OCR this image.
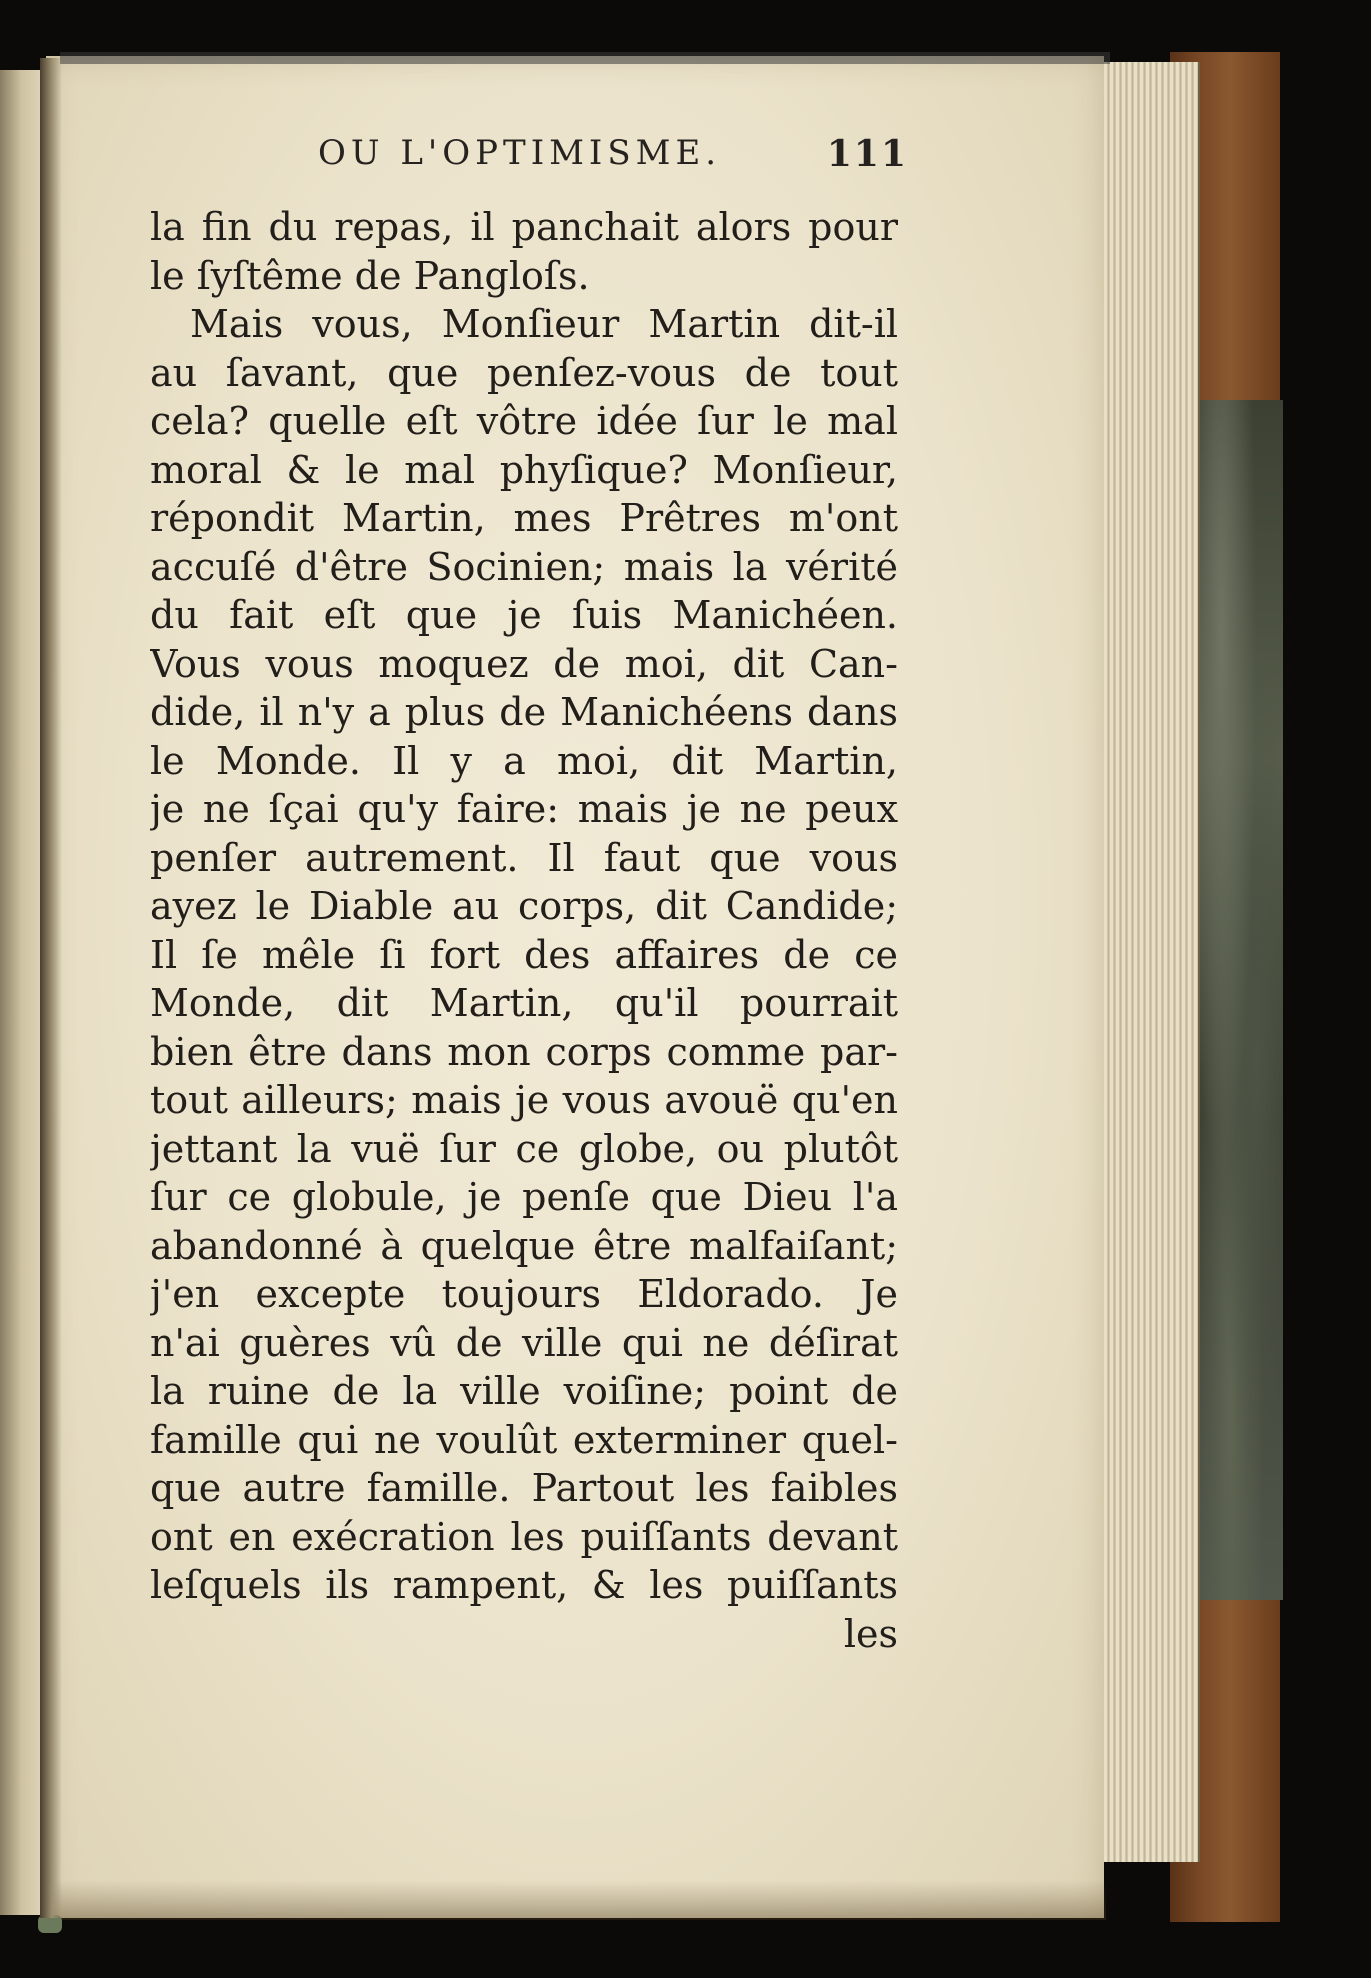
OU L'OPTIMISME.	111
la fin du repas, il panchait alors pour
le ſyſtême de Pangloſs.
Mais vous, Monſieur Martin dit-il
au ſavant, que penſez-vous de tout
cela? quelle eſt vôtre idée ſur le mal
moral & le mal phyſique? Monſieur,
répondit Martin, mes Prêtres m'ont
accuſé d'être Socinien; mais la vérité
du fait eſt que je ſuis Manichéen.
Vous vous moquez de moi, dit Can-
dide, il n'y a plus de Manichéens dans
le Monde. Il y a moi, dit Martin,
je ne ſçai qu'y faire: mais je ne peux
penſer autrement. Il faut que vous
ayez le Diable au corps, dit Candide;
Il ſe mêle ſi fort des affaires de ce
Monde, dit Martin, qu'il pourrait
bien être dans mon corps comme par-
tout ailleurs; mais je vous avouë qu'en
jettant la vuë ſur ce globe, ou plutôt
ſur ce globule, je penſe que Dieu l'a
abandonné à quelque être malfaiſant;
j'en excepte toujours Eldorado. Je
n'ai guères vû de ville qui ne déſirat
la ruine de la ville voiſine; point de
famille qui ne voulût exterminer quel-
que autre famille. Partout les faibles
ont en exécration les puiſſants devant
leſquels ils rampent, & les puiſſants
les
